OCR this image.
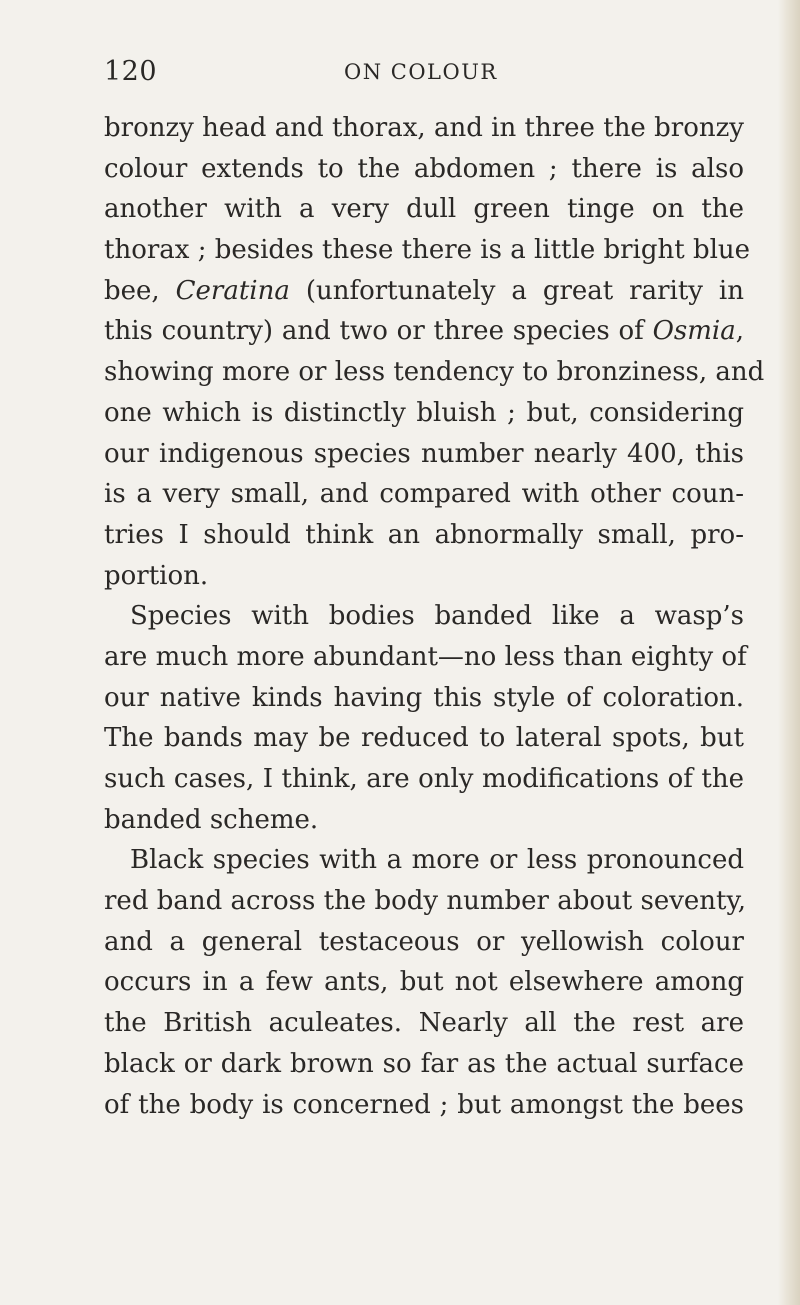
120	ON COLOUR
bronzy head and thorax, and in three the bronzy
colour extends to the abdomen ; there is also
another with a very dull green tinge on the
thorax ; besides these there is a little bright blue
bee, Ceratina (unfortunately a great rarity in
this country) and two or three species of Osmia,
showing more or less tendency to bronziness, and
one which is distinctly bluish ; but, considering
our indigenous species number nearly 400, this
is a very small, and compared with other coun-
tries I should think an abnormally small, pro-
portion.
Species with bodies banded like a wasp’s
are much more abundant—no less than eighty of
our native kinds having this style of coloration.
The bands may be reduced to lateral spots, but
such cases, I think, are only modifications of the
banded scheme.
Black species with a more or less pronounced
red band across the body number about seventy,
and a general testaceous or yellowish colour
occurs in a few ants, but not elsewhere among
the British aculeates. Nearly all the rest are
black or dark brown so far as the actual surface
of the body is concerned ; but amongst the bees
